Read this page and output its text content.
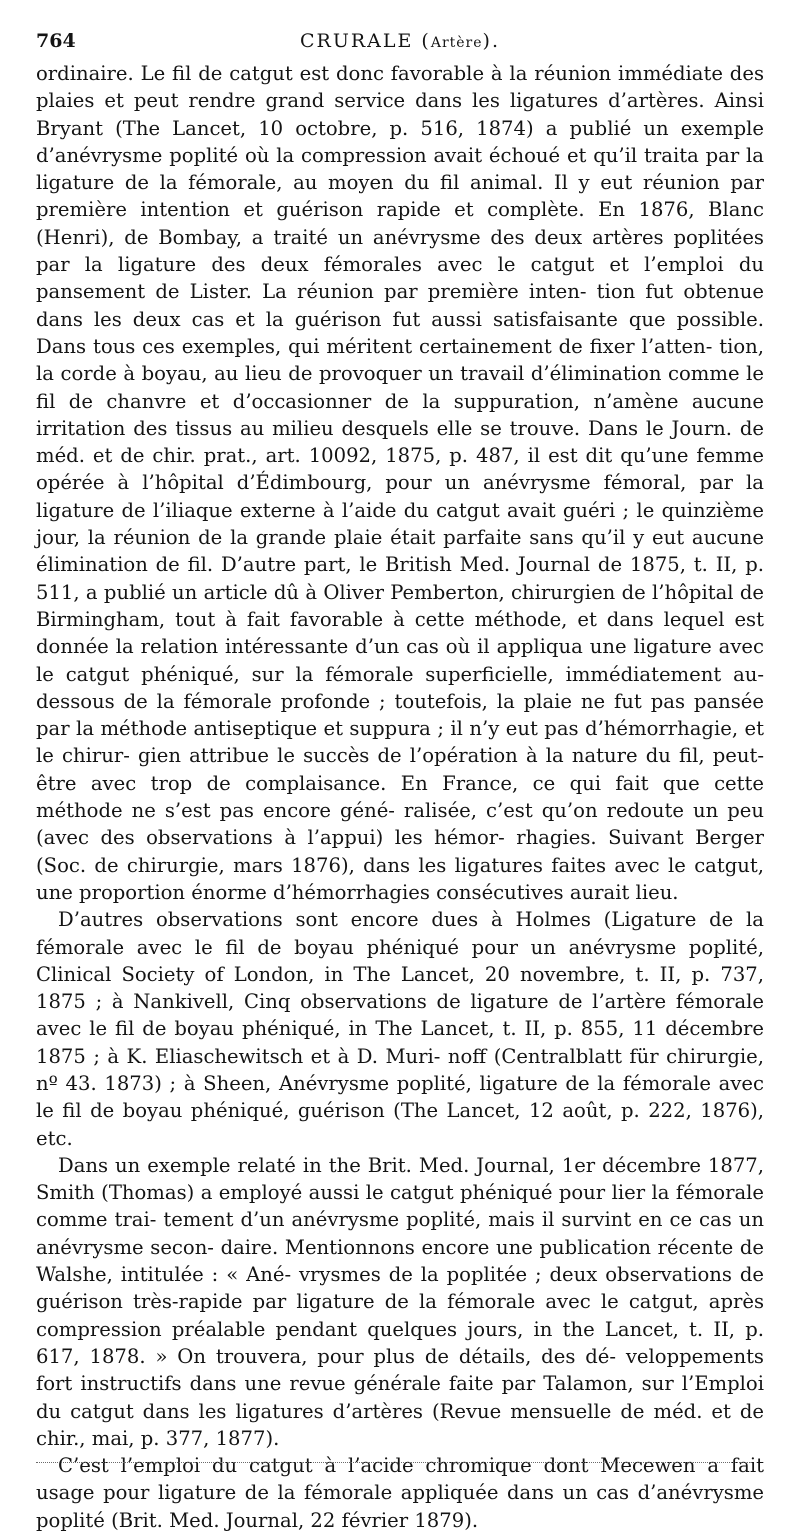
764	CRURALE (Artère).

ordinaire. Le fil de catgut est donc favorable à la réunion immédiate des plaies et peut rendre grand service dans les ligatures d’artères. Ainsi Bryant (The Lancet, 10 octobre, p. 516, 1874) a publié un exemple d’anévrysme poplité où la compression avait échoué et qu’il traita par la ligature de la fémorale, au moyen du fil animal. Il y eut réunion par première intention et guérison rapide et complète. En 1876, Blanc (Henri), de Bombay, a traité un anévrysme des deux artères poplitées par la ligature des deux fémorales avec le catgut et l’emploi du pansement de Lister. La réunion par première inten- tion fut obtenue dans les deux cas et la guérison fut aussi satisfaisante que possible. Dans tous ces exemples, qui méritent certainement de fixer l’atten- tion, la corde à boyau, au lieu de provoquer un travail d’élimination comme le fil de chanvre et d’occasionner de la suppuration, n’amène aucune irritation des tissus au milieu desquels elle se trouve. Dans le Journ. de méd. et de chir. prat., art. 10092, 1875, p. 487, il est dit qu’une femme opérée à l’hôpital d’Édimbourg, pour un anévrysme fémoral, par la ligature de l’iliaque externe à l’aide du catgut avait guéri ; le quinzième jour, la réunion de la grande plaie était parfaite sans qu’il y eut aucune élimination de fil. D’autre part, le British Med. Journal de 1875, t. II, p. 511, a publié un article dû à Oliver Pemberton, chirurgien de l’hôpital de Birmingham, tout à fait favorable à cette méthode, et dans lequel est donnée la relation intéressante d’un cas où il appliqua une ligature avec le catgut phéniqué, sur la fémorale superficielle, immédiatement au-dessous de la fémorale profonde ; toutefois, la plaie ne fut pas pansée par la méthode antiseptique et suppura ; il n’y eut pas d’hémorrhagie, et le chirur- gien attribue le succès de l’opération à la nature du fil, peut-être avec trop de complaisance. En France, ce qui fait que cette méthode ne s’est pas encore géné- ralisée, c’est qu’on redoute un peu (avec des observations à l’appui) les hémor- rhagies. Suivant Berger (Soc. de chirurgie, mars 1876), dans les ligatures faites avec le catgut, une proportion énorme d’hémorrhagies consécutives aurait lieu.

D’autres observations sont encore dues à Holmes (Ligature de la fémorale avec le fil de boyau phéniqué pour un anévrysme poplité, Clinical Society of London, in The Lancet, 20 novembre, t. II, p. 737, 1875 ; à Nankivell, Cinq observations de ligature de l’artère fémorale avec le fil de boyau phéniqué, in The Lancet, t. II, p. 855, 11 décembre 1875 ; à K. Eliaschewitsch et à D. Muri- noff (Centralblatt für chirurgie, nº 43. 1873) ; à Sheen, Anévrysme poplité, ligature de la fémorale avec le fil de boyau phéniqué, guérison (The Lancet, 12 août, p. 222, 1876), etc.

Dans un exemple relaté in the Brit. Med. Journal, 1er décembre 1877, Smith (Thomas) a employé aussi le catgut phéniqué pour lier la fémorale comme trai- tement d’un anévrysme poplité, mais il survint en ce cas un anévrysme secon- daire. Mentionnons encore une publication récente de Walshe, intitulée : « Ané- vrysmes de la poplitée ; deux observations de guérison très-rapide par ligature de la fémorale avec le catgut, après compression préalable pendant quelques jours, in the Lancet, t. II, p. 617, 1878. » On trouvera, pour plus de détails, des dé- veloppements fort instructifs dans une revue générale faite par Talamon, sur l’Emploi du catgut dans les ligatures d’artères (Revue mensuelle de méd. et de chir., mai, p. 377, 1877).

C’est l’emploi du catgut à l’acide chromique dont Mecewen a fait usage pour ligature de la fémorale appliquée dans un cas d’anévrysme poplité (Brit. Med. Journal, 22 février 1879).
